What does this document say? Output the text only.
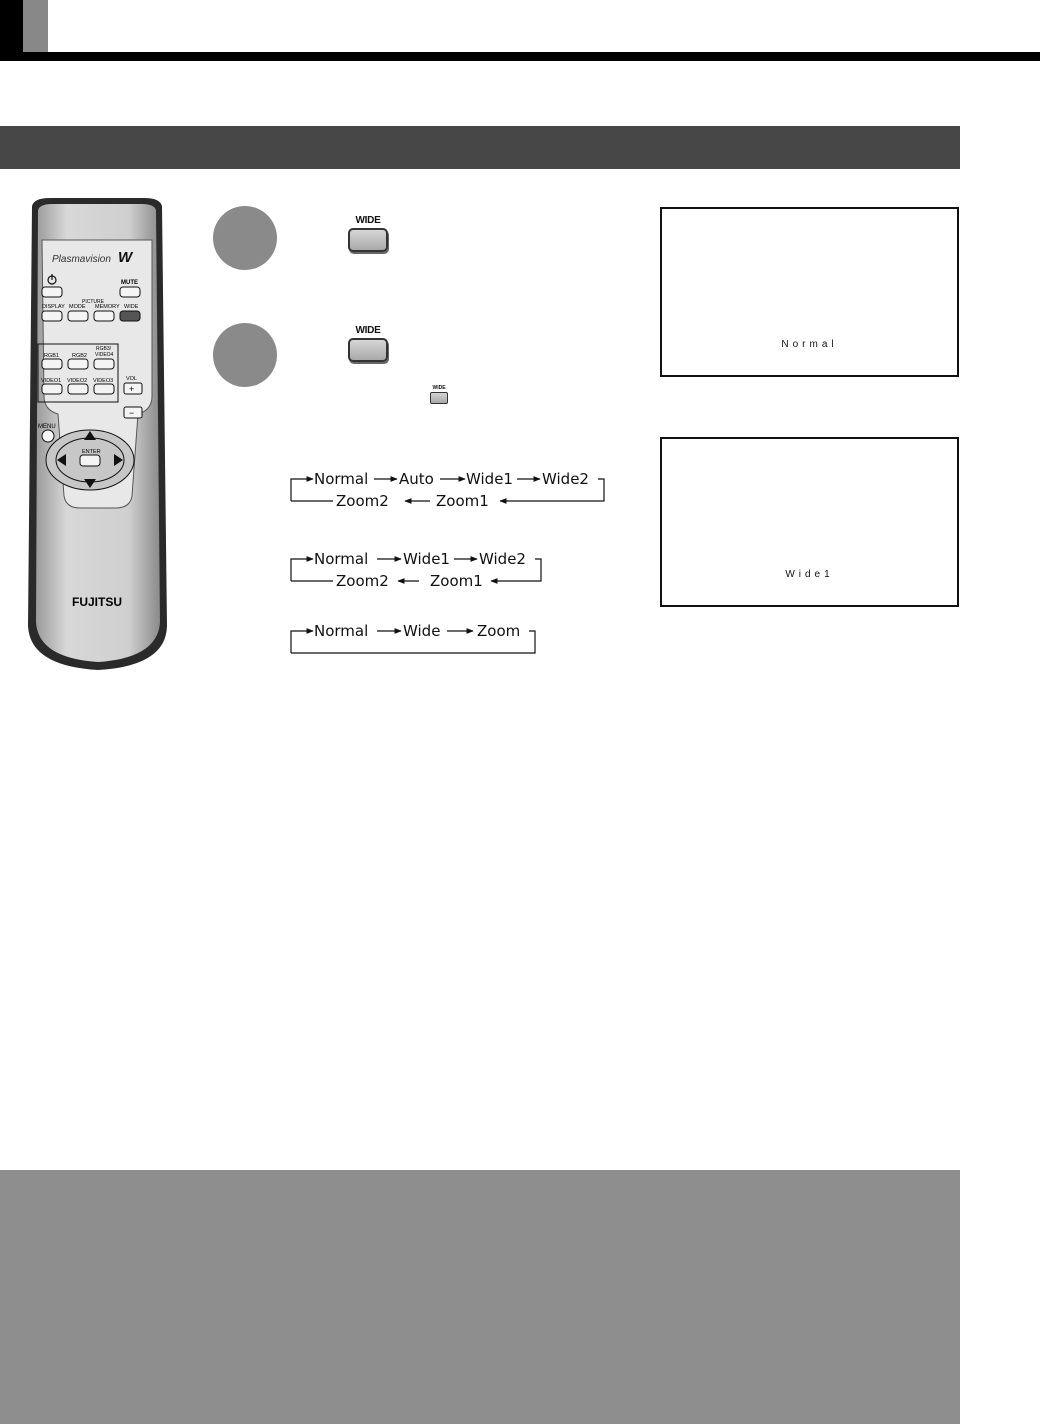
Plasmavision W
MUTE
PICTURE
DISPLAY MODE MEMORY WIDE
RGB1 RGB2
RGB3/
VIDEO4
VIDEO1 VIDEO2 VIDEO3 VOL
+
−
MENU
ENTER
FUJITSU
WIDE
WIDE
WIDE
Normal
Wide1
Normal Auto Wide1 Wide2
Zoom2	Zoom1
Normal Wide1 Wide2
Zoom2	Zoom1
Normal Wide Zoom
